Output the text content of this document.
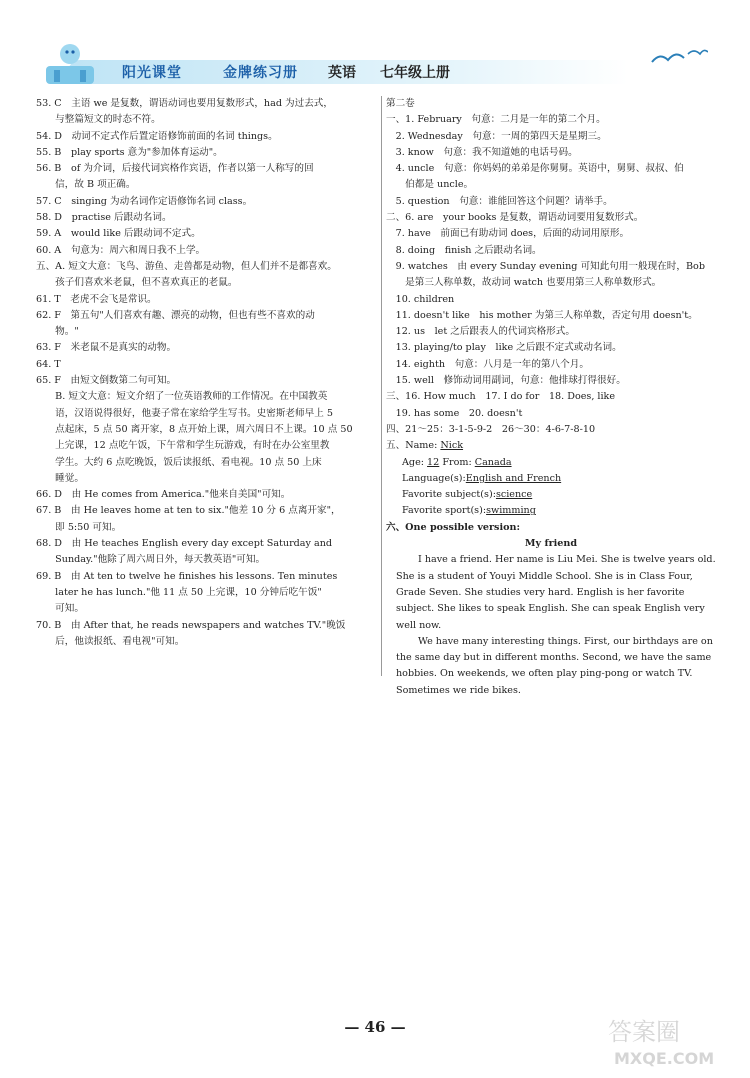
阳光课堂	金牌练习册 英语 七年级上册
53. C　主语 we 是复数，谓语动词也要用复数形式，had 为过去式，
　　与整篇短文的时态不符。
54. D　动词不定式作后置定语修饰前面的名词 things。
55. B　play sports 意为"参加体育运动"。
56. B　of 为介词，后接代词宾格作宾语，作者以第一人称写的回
　　信，故 B 项正确。
57. C　singing 为动名词作定语修饰名词 class。
58. D　practise 后跟动名词。
59. A　would like 后跟动词不定式。
60. A　句意为：周六和周日我不上学。
五、A. 短文大意：飞鸟、游鱼、走兽都是动物，但人们并不是都喜欢。
　　孩子们喜欢米老鼠，但不喜欢真正的老鼠。
61. T　老虎不会飞是常识。
62. F　第五句"人们喜欢有趣、漂亮的动物，但也有些不喜欢的动
　　物。"
63. F　米老鼠不是真实的动物。
64. T
65. F　由短文倒数第二句可知。
　　B. 短文大意：短文介绍了一位英语教师的工作情况。在中国教英
　　语，汉语说得很好，他妻子常在家给学生写书。史密斯老师早上 5
　　点起床，5 点 50 离开家，8 点开始上课，周六周日不上课。10 点 50
　　上完课，12 点吃午饭，下午常和学生玩游戏，有时在办公室里教
　　学生。大约 6 点吃晚饭，饭后读报纸、看电视。10 点 50 上床
　　睡觉。
66. D　由 He comes from America."他来自美国"可知。
67. B　由 He leaves home at ten to six."他差 10 分 6 点离开家"，
　　即 5:50 可知。
68. D　由 He teaches English every day except Saturday and
　　Sunday."他除了周六周日外，每天教英语"可知。
69. B　由 At ten to twelve he finishes his lessons. Ten minutes
　　later he has lunch."他 11 点 50 上完课，10 分钟后吃午饭"
　　可知。
70. B　由 After that, he reads newspapers and watches TV."晚饭
　　后，他读报纸、看电视"可知。
第二卷
一、1. February　句意：二月是一年的第二个月。
　2. Wednesday　句意：一周的第四天是星期三。
　3. know　句意：我不知道她的电话号码。
　4. uncle　句意：你妈妈的弟弟是你舅舅。英语中，舅舅、叔叔、伯
　　伯都是 uncle。
　5. question　句意：谁能回答这个问题？请举手。
二、6. are　your books 是复数，谓语动词要用复数形式。
　7. have　前面已有助动词 does，后面的动词用原形。
　8. doing　finish 之后跟动名词。
　9. watches　由 every Sunday evening 可知此句用一般现在时，Bob
　　是第三人称单数，故动词 watch 也要用第三人称单数形式。
　10. children
　11. doesn't like　his mother 为第三人称单数，否定句用 doesn't。
　12. us　let 之后跟表人的代词宾格形式。
　13. playing/to play　like 之后跟不定式或动名词。
　14. eighth　句意：八月是一年的第八个月。
　15. well　修饰动词用副词，句意：他排球打得很好。
三、16. How much　17. I do for　18. Does, like
　19. has some　20. doesn't
四、21～25：3-1-5-9-2　26～30：4-6-7-8-10
五、Name: Nick
Age: 12 From: Canada
Language(s):English and French
Favorite subject(s):science
Favorite sport(s):swimming
六、One possible version:
My friend
I have a friend. Her name is Liu Mei. She is twelve years old. She is a student of Youyi Middle School. She is in Class Four, Grade Seven. She studies very hard. English is her favorite subject. She likes to speak English. She can speak English very well now.
We have many interesting things. First, our birthdays are on the same day but in different months. Second, we have the same hobbies. On weekends, we often play ping-pong or watch TV. Sometimes we ride bikes.
— 46 —	答案圈
MXQE.COM
